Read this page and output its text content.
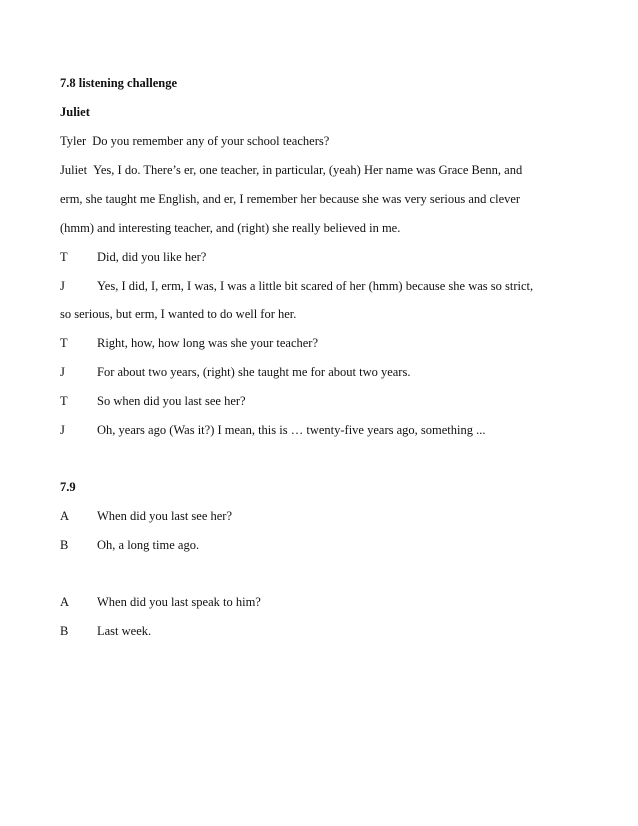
7.8 listening challenge
Juliet
Tyler Do you remember any of your school teachers?
Juliet Yes, I do. There’s er, one teacher, in particular, (yeah) Her name was Grace Benn, and
erm, she taught me English, and er, I remember her because she was very serious and clever
(hmm) and interesting teacher, and (right) she really believed in me.
T Did, did you like her?
J	Yes, I did, I, erm, I was, I was a little bit scared of her (hmm) because she was so strict,
so serious, but erm, I wanted to do well for her.
T Right, how, how long was she your teacher?
J	For about two years, (right) she taught me for about two years.
T So when did you last see her?
J	Oh, years ago (Was it?) I mean, this is … twenty-five years ago, something ...
7.9
A When did you last see her?
B Oh, a long time ago.
A When did you last speak to him?
B Last week.
